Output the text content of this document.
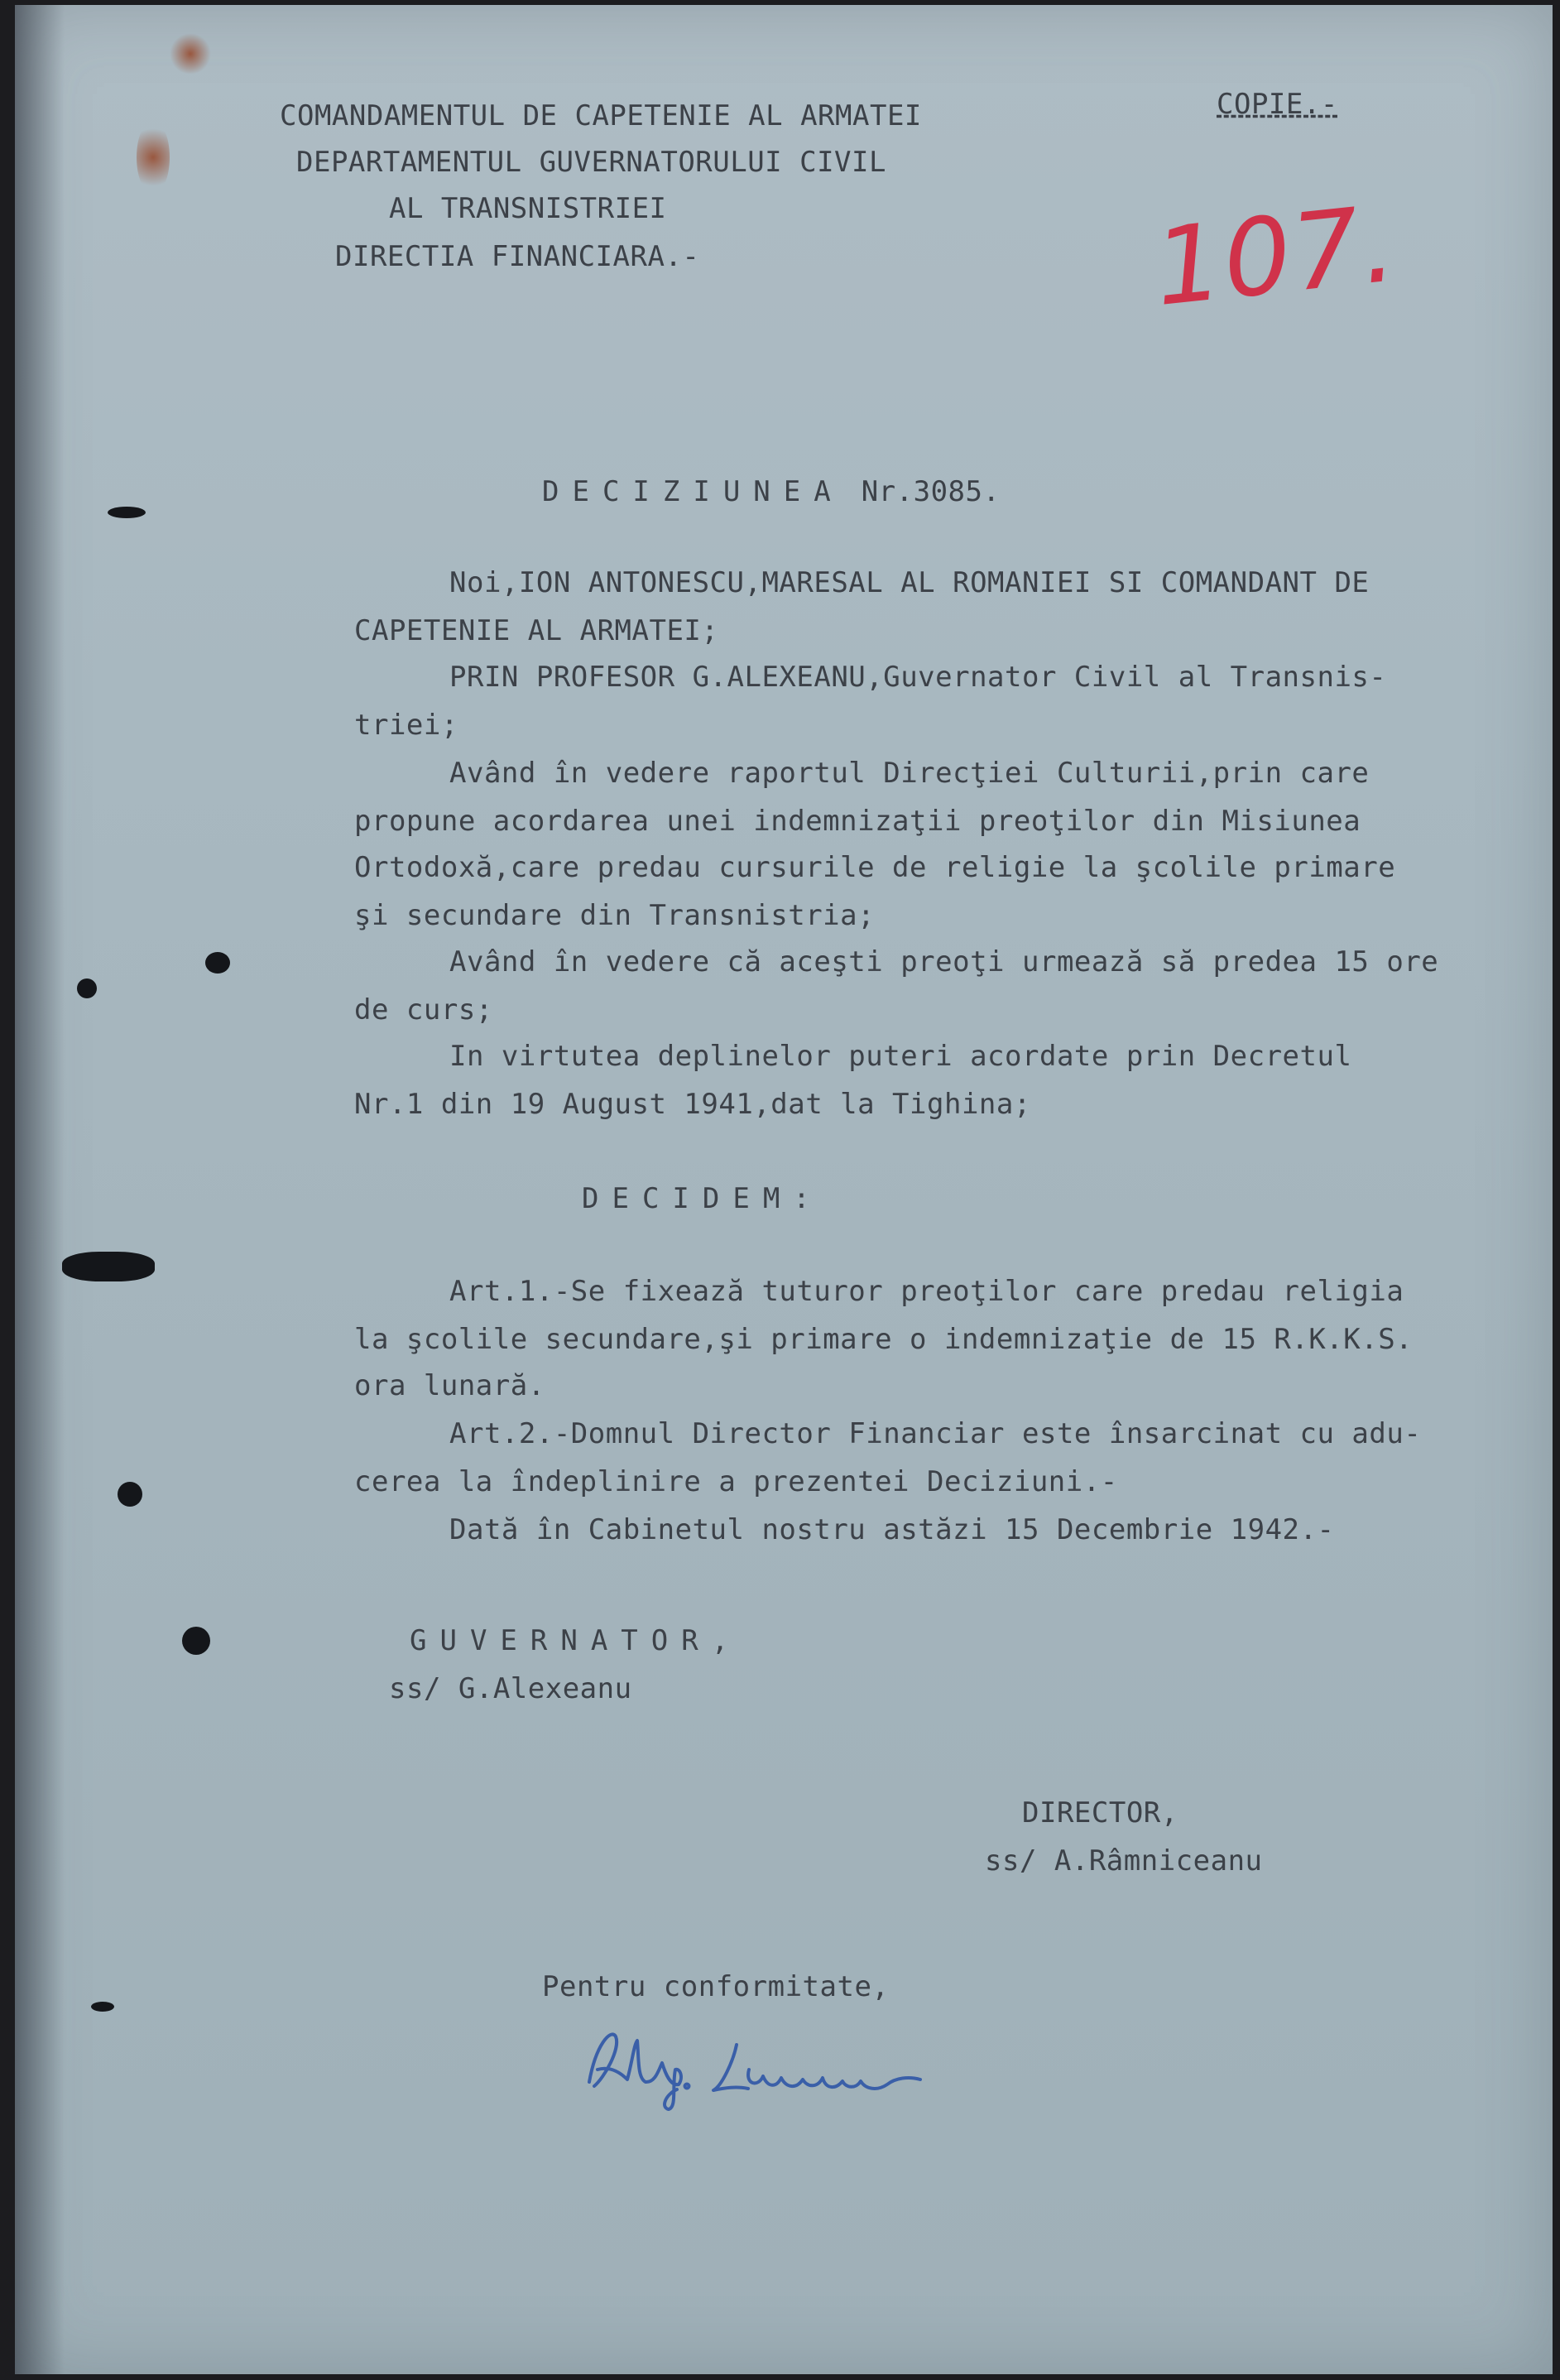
COMANDAMENTUL DE CAPETENIE AL ARMATEI
DEPARTAMENTUL GUVERNATORULUI CIVIL
AL TRANSNISTRIEI
DIRECTIA FINANCIARA.-
COPIE.-
107.
DECIZIUNEA Nr.3085.
Noi,ION ANTONESCU,MARESAL AL ROMANIEI SI COMANDANT DE
CAPETENIE AL ARMATEI;
PRIN PROFESOR G.ALEXEANU,Guvernator Civil al Transnis-
triei;
Având în vedere raportul Direcţiei Culturii,prin care
propune acordarea unei indemnizaţii preoţilor din Misiunea
Ortodoxă,care predau cursurile de religie la şcolile primare
şi secundare din Transnistria;
Având în vedere că aceşti preoţi urmează să predea 15 ore
de curs;
In virtutea deplinelor puteri acordate prin Decretul
Nr.1 din 19 August 1941,dat la Tighina;
DECIDEM:
Art.1.-Se fixează tuturor preoţilor care predau religia
la şcolile secundare,şi primare o indemnizaţie de 15 R.K.K.S.
ora lunară.
Art.2.-Domnul Director Financiar este însarcinat cu adu-
cerea la îndeplinire a prezentei Deciziuni.-
Dată în Cabinetul nostru astăzi 15 Decembrie 1942.-
GUVERNATOR,
ss/ G.Alexeanu
DIRECTOR,
ss/ A.Râmniceanu
Pentru conformitate,
